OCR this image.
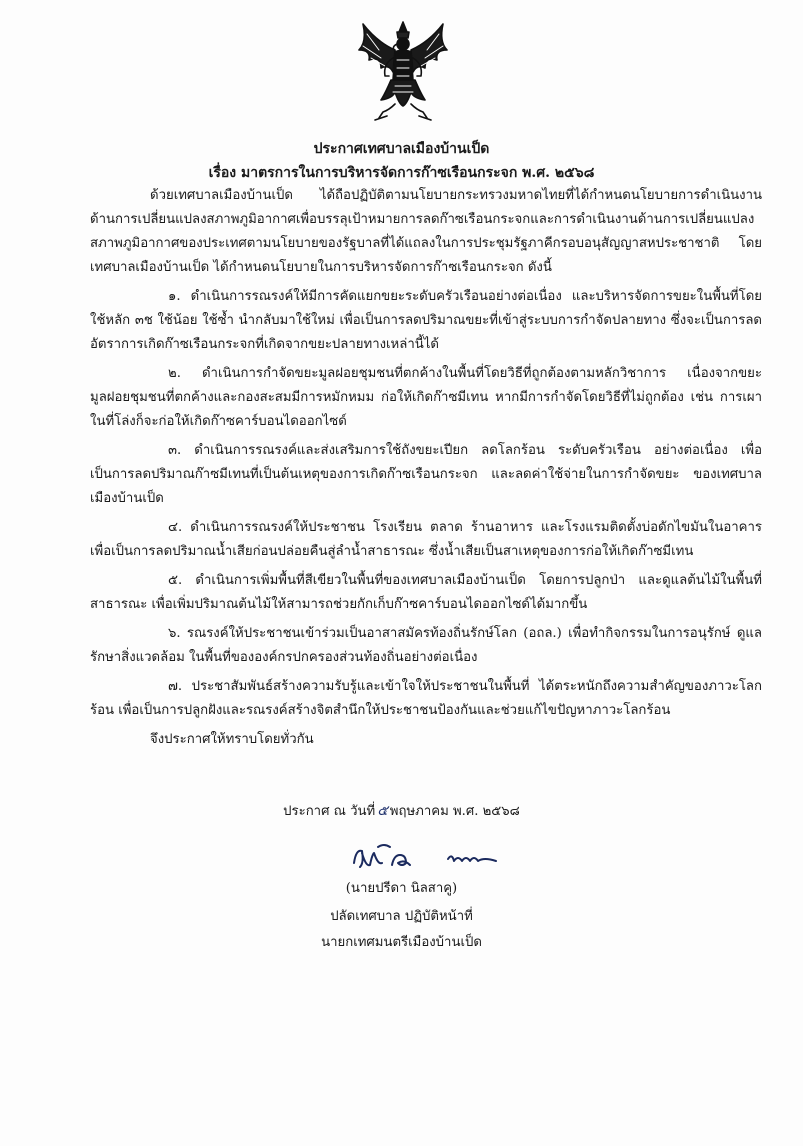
ประกาศเทศบาลเมืองบ้านเป็ด
เรื่อง มาตรการในการบริหารจัดการก๊าซเรือนกระจก พ.ศ. ๒๕๖๘

ด้วยเทศบาลเมืองบ้านเป็ด ได้ถือปฏิบัติตามนโยบายกระทรวงมหาดไทยที่ได้กำหนดนโยบายการดำเนินงานด้านการเปลี่ยนแปลงสภาพภูมิอากาศเพื่อบรรลุเป้าหมายการลดก๊าซเรือนกระจกและการดำเนินงานด้านการเปลี่ยนแปลงสภาพภูมิอากาศของประเทศตามนโยบายของรัฐบาลที่ได้แถลงในการประชุมรัฐภาคีกรอบอนุสัญญาสหประชาชาติ โดยเทศบาลเมืองบ้านเป็ด ได้กำหนดนโยบายในการบริหารจัดการก๊าซเรือนกระจก ดังนี้

๑. ดำเนินการรณรงค์ให้มีการคัดแยกขยะระดับครัวเรือนอย่างต่อเนื่อง และบริหารจัดการขยะในพื้นที่โดยใช้หลัก ๓ช ใช้น้อย ใช้ซ้ำ นำกลับมาใช้ใหม่ เพื่อเป็นการลดปริมาณขยะที่เข้าสู่ระบบการกำจัดปลายทาง ซึ่งจะเป็นการลดอัตราการเกิดก๊าซเรือนกระจกที่เกิดจากขยะปลายทางเหล่านี้ได้

๒. ดำเนินการกำจัดขยะมูลฝอยชุมชนที่ตกค้างในพื้นที่โดยวิธีที่ถูกต้องตามหลักวิชาการ เนื่องจากขยะมูลฝอยชุมชนที่ตกค้างและกองสะสมมีการหมักหมม ก่อให้เกิดก๊าซมีเทน หากมีการกำจัดโดยวิธีที่ไม่ถูกต้อง เช่น การเผาในที่โล่งก็จะก่อให้เกิดก๊าซคาร์บอนไดออกไซด์

๓. ดำเนินการรณรงค์และส่งเสริมการใช้ถังขยะเปียก ลดโลกร้อน ระดับครัวเรือน อย่างต่อเนื่อง เพื่อเป็นการลดปริมาณก๊าซมีเทนที่เป็นต้นเหตุของการเกิดก๊าซเรือนกระจก และลดค่าใช้จ่ายในการกำจัดขยะ ของเทศบาลเมืองบ้านเป็ด

๔. ดำเนินการรณรงค์ให้ประชาชน โรงเรียน ตลาด ร้านอาหาร และโรงแรมติดตั้งบ่อดักไขมันในอาคารเพื่อเป็นการลดปริมาณน้ำเสียก่อนปล่อยคืนสู่ลำน้ำสาธารณะ ซึ่งน้ำเสียเป็นสาเหตุของการก่อให้เกิดก๊าซมีเทน

๕. ดำเนินการเพิ่มพื้นที่สีเขียวในพื้นที่ของเทศบาลเมืองบ้านเป็ด โดยการปลูกป่า และดูแลต้นไม้ในพื้นที่สาธารณะ เพื่อเพิ่มปริมาณต้นไม้ให้สามารถช่วยกักเก็บก๊าซคาร์บอนไดออกไซด์ได้มากขึ้น

๖. รณรงค์ให้ประชาชนเข้าร่วมเป็นอาสาสมัครท้องถิ่นรักษ์โลก (อถล.) เพื่อทำกิจกรรมในการอนุรักษ์ ดูแล รักษาสิ่งแวดล้อม ในพื้นที่ขององค์กรปกครองส่วนท้องถิ่นอย่างต่อเนื่อง

๗. ประชาสัมพันธ์สร้างความรับรู้และเข้าใจให้ประชาชนในพื้นที่ ได้ตระหนักถึงความสำคัญของภาวะโลกร้อน เพื่อเป็นการปลูกฝังและรณรงค์สร้างจิตสำนึกให้ประชาชนป้องกันและช่วยแก้ไขปัญหาภาวะโลกร้อน

จึงประกาศให้ทราบโดยทั่วกัน

ประกาศ ณ วันที่ ๕ พฤษภาคม พ.ศ. ๒๕๖๘
(นายปรีดา นิลสาคู)
ปลัดเทศบาล ปฏิบัติหน้าที่
นายกเทศมนตรีเมืองบ้านเป็ด
